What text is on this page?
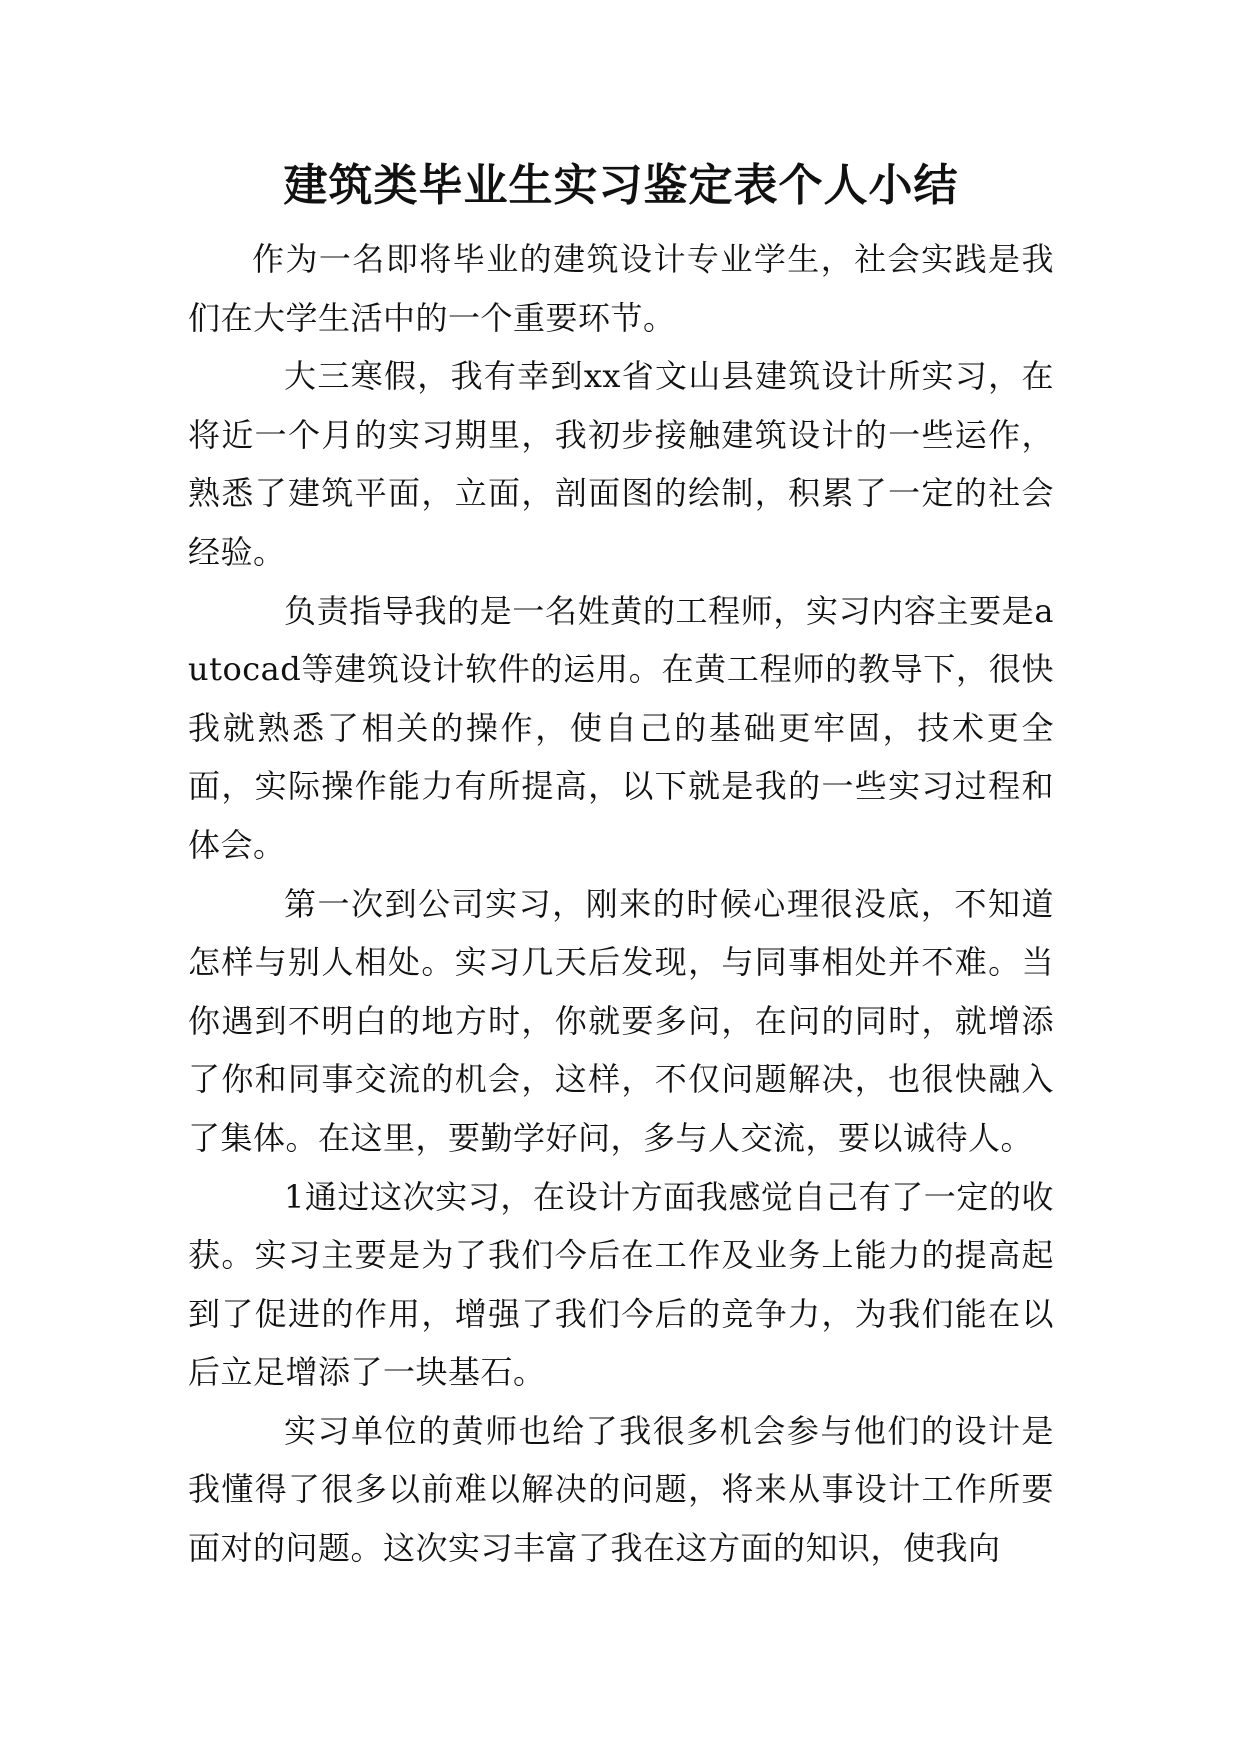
建筑类毕业生实习鉴定表个人小结

作为一名即将毕业的建筑设计专业学生，社会实践是我们在大学生活中的一个重要环节。

大三寒假，我有幸到xx省文山县建筑设计所实习，在将近一个月的实习期里，我初步接触建筑设计的一些运作，熟悉了建筑平面，立面，剖面图的绘制，积累了一定的社会经验。

负责指导我的是一名姓黄的工程师，实习内容主要是autocad等建筑设计软件的运用。在黄工程师的教导下，很快我就熟悉了相关的操作，使自己的基础更牢固，技术更全面，实际操作能力有所提高，以下就是我的一些实习过程和体会。

第一次到公司实习，刚来的时候心理很没底，不知道怎样与别人相处。实习几天后发现，与同事相处并不难。当你遇到不明白的地方时，你就要多问，在问的同时，就增添了你和同事交流的机会，这样，不仅问题解决，也很快融入了集体。在这里，要勤学好问，多与人交流，要以诚待人。

1通过这次实习，在设计方面我感觉自己有了一定的收获。实习主要是为了我们今后在工作及业务上能力的提高起到了促进的作用，增强了我们今后的竞争力，为我们能在以后立足增添了一块基石。

实习单位的黄师也给了我很多机会参与他们的设计是我懂得了很多以前难以解决的问题，将来从事设计工作所要面对的问题。这次实习丰富了我在这方面的知识，使我向
